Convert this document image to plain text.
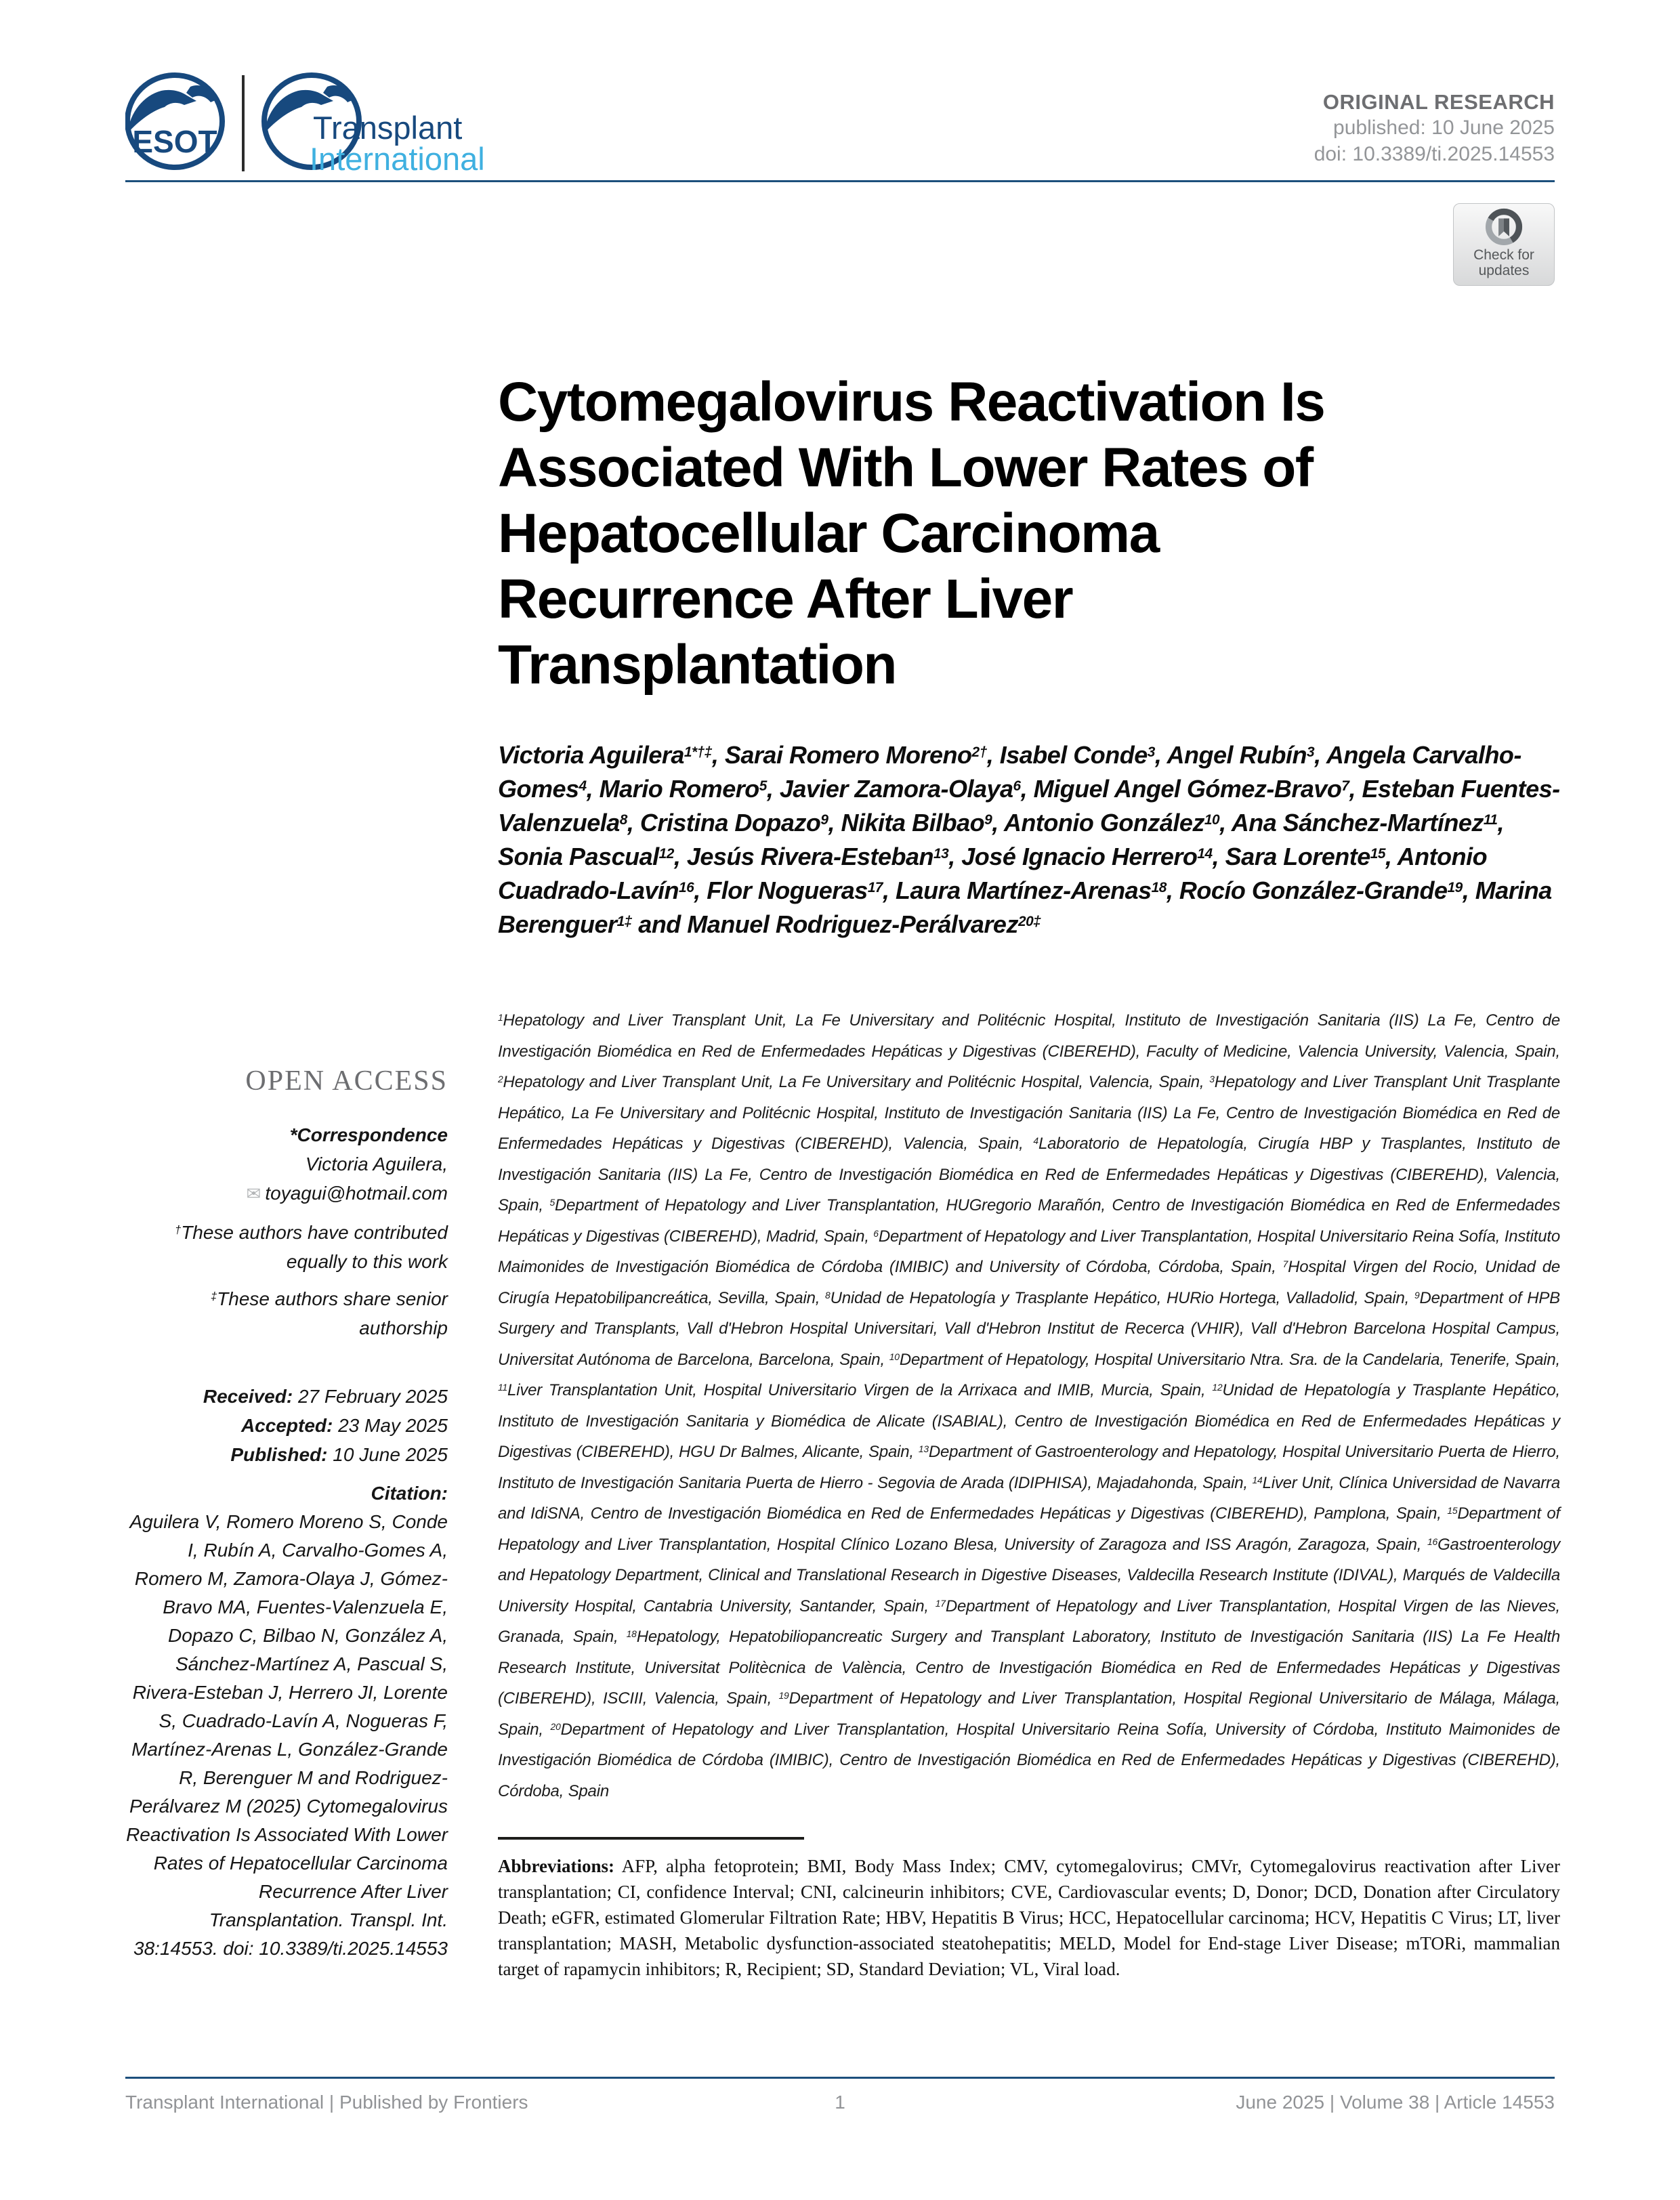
ESOT	Transplant
International
ORIGINAL RESEARCH
published: 10 June 2025
doi: 10.3389/ti.2025.14553
Check for
updates
Cytomegalovirus Reactivation Is
Associated With Lower Rates of
Hepatocellular Carcinoma
Recurrence After Liver
Transplantation

Victoria Aguilera$^{1*\dagger\ddagger}$, Sarai Romero Moreno$^{2\dagger}$, Isabel Conde$^3$, Angel Rubín$^3$, Angela Carvalho-Gomes$^4$, Mario Romero$^5$, Javier Zamora-Olaya$^6$, Miguel Angel Gómez-Bravo$^7$, Esteban Fuentes-Valenzuela$^8$, Cristina Dopazo$^9$, Nikita Bilbao$^9$, Antonio González$^{10}$, Ana Sánchez-Martínez$^{11}$, Sonia Pascual$^{12}$, Jesús Rivera-Esteban$^{13}$, José Ignacio Herrero$^{14}$, Sara Lorente$^{15}$, Antonio Cuadrado-Lavín$^{16}$, Flor Nogueras$^{17}$, Laura Martínez-Arenas$^{18}$, Rocío González-Grande$^{19}$, Marina Berenguer$^{1\ddagger}$ and Manuel Rodriguez-Perálvarez$^{20\ddagger}$

$^1$Hepatology and Liver Transplant Unit, La Fe Universitary and Politécnic Hospital, Instituto de Investigación Sanitaria (IIS) La Fe, Centro de Investigación Biomédica en Red de Enfermedades Hepáticas y Digestivas (CIBEREHD), Faculty of Medicine, Valencia University, Valencia, Spain, $^2$Hepatology and Liver Transplant Unit, La Fe Universitary and Politécnic Hospital, Valencia, Spain, $^3$Hepatology and Liver Transplant Unit Trasplante Hepático, La Fe Universitary and Politécnic Hospital, Instituto de Investigación Sanitaria (IIS) La Fe, Centro de Investigación Biomédica en Red de Enfermedades Hepáticas y Digestivas (CIBEREHD), Valencia, Spain, $^4$Laboratorio de Hepatología, Cirugía HBP y Trasplantes, Instituto de Investigación Sanitaria (IIS) La Fe, Centro de Investigación Biomédica en Red de Enfermedades Hepáticas y Digestivas (CIBEREHD), Valencia, Spain, $^5$Department of Hepatology and Liver Transplantation, HUGregorio Marañón, Centro de Investigación Biomédica en Red de Enfermedades Hepáticas y Digestivas (CIBEREHD), Madrid, Spain, $^6$Department of Hepatology and Liver Transplantation, Hospital Universitario Reina Sofía, Instituto Maimonides de Investigación Biomédica de Córdoba (IMIBIC) and University of Córdoba, Córdoba, Spain, $^7$Hospital Virgen del Rocio, Unidad de Cirugía Hepatobilipancreática, Sevilla, Spain, $^8$Unidad de Hepatología y Trasplante Hepático, HURio Hortega, Valladolid, Spain, $^9$Department of HPB Surgery and Transplants, Vall d'Hebron Hospital Universitari, Vall d'Hebron Institut de Recerca (VHIR), Vall d'Hebron Barcelona Hospital Campus, Universitat Autónoma de Barcelona, Barcelona, Spain, $^{10}$Department of Hepatology, Hospital Universitario Ntra. Sra. de la Candelaria, Tenerife, Spain, $^{11}$Liver Transplantation Unit, Hospital Universitario Virgen de la Arrixaca and IMIB, Murcia, Spain, $^{12}$Unidad de Hepatología y Trasplante Hepático, Instituto de Investigación Sanitaria y Biomédica de Alicate (ISABIAL), Centro de Investigación Biomédica en Red de Enfermedades Hepáticas y Digestivas (CIBEREHD), HGU Dr Balmes, Alicante, Spain, $^{13}$Department of Gastroenterology and Hepatology, Hospital Universitario Puerta de Hierro, Instituto de Investigación Sanitaria Puerta de Hierro - Segovia de Arada (IDIPHISA), Majadahonda, Spain, $^{14}$Liver Unit, Clínica Universidad de Navarra and IdiSNA, Centro de Investigación Biomédica en Red de Enfermedades Hepáticas y Digestivas (CIBEREHD), Pamplona, Spain, $^{15}$Department of Hepatology and Liver Transplantation, Hospital Clínico Lozano Blesa, University of Zaragoza and ISS Aragón, Zaragoza, Spain, $^{16}$Gastroenterology and Hepatology Department, Clinical and Translational Research in Digestive Diseases, Valdecilla Research Institute (IDIVAL), Marqués de Valdecilla University Hospital, Cantabria University, Santander, Spain, $^{17}$Department of Hepatology and Liver Transplantation, Hospital Virgen de las Nieves, Granada, Spain, $^{18}$Hepatology, Hepatobiliopancreatic Surgery and Transplant Laboratory, Instituto de Investigación Sanitaria (IIS) La Fe Health Research Institute, Universitat Politècnica de València, Centro de Investigación Biomédica en Red de Enfermedades Hepáticas y Digestivas (CIBEREHD), ISCIII, Valencia, Spain, $^{19}$Department of Hepatology and Liver Transplantation, Hospital Regional Universitario de Málaga, Málaga, Spain, $^{20}$Department of Hepatology and Liver Transplantation, Hospital Universitario Reina Sofía, University of Córdoba, Instituto Maimonides de Investigación Biomédica de Córdoba (IMIBIC), Centro de Investigación Biomédica en Red de Enfermedades Hepáticas y Digestivas (CIBEREHD), Córdoba, Spain

OPEN ACCESS
*Correspondence
Victoria Aguilera,
✉ toyagui@hotmail.com
†These authors have contributed equally to this work
‡These authors share senior authorship
Received: 27 February 2025
Accepted: 23 May 2025
Published: 10 June 2025
Citation:
Aguilera V, Romero Moreno S, Conde I, Rubín A, Carvalho-Gomes A, Romero M, Zamora-Olaya J, Gómez-Bravo MA, Fuentes-Valenzuela E, Dopazo C, Bilbao N, González A, Sánchez-Martínez A, Pascual S, Rivera-Esteban J, Herrero JI, Lorente S, Cuadrado-Lavín A, Nogueras F, Martínez-Arenas L, González-Grande R, Berenguer M and Rodriguez-Perálvarez M (2025) Cytomegalovirus Reactivation Is Associated With Lower Rates of Hepatocellular Carcinoma Recurrence After Liver Transplantation. Transpl. Int. 38:14553. doi: 10.3389/ti.2025.14553

Abbreviations: AFP, alpha fetoprotein; BMI, Body Mass Index; CMV, cytomegalovirus; CMVr, Cytomegalovirus reactivation after Liver transplantation; CI, confidence Interval; CNI, calcineurin inhibitors; CVE, Cardiovascular events; D, Donor; DCD, Donation after Circulatory Death; eGFR, estimated Glomerular Filtration Rate; HBV, Hepatitis B Virus; HCC, Hepatocellular carcinoma; HCV, Hepatitis C Virus; LT, liver transplantation; MASH, Metabolic dysfunction-associated steatohepatitis; MELD, Model for End-stage Liver Disease; mTORi, mammalian target of rapamycin inhibitors; R, Recipient; SD, Standard Deviation; VL, Viral load.

Transplant International | Published by Frontiers	1	June 2025 | Volume 38 | Article 14553
